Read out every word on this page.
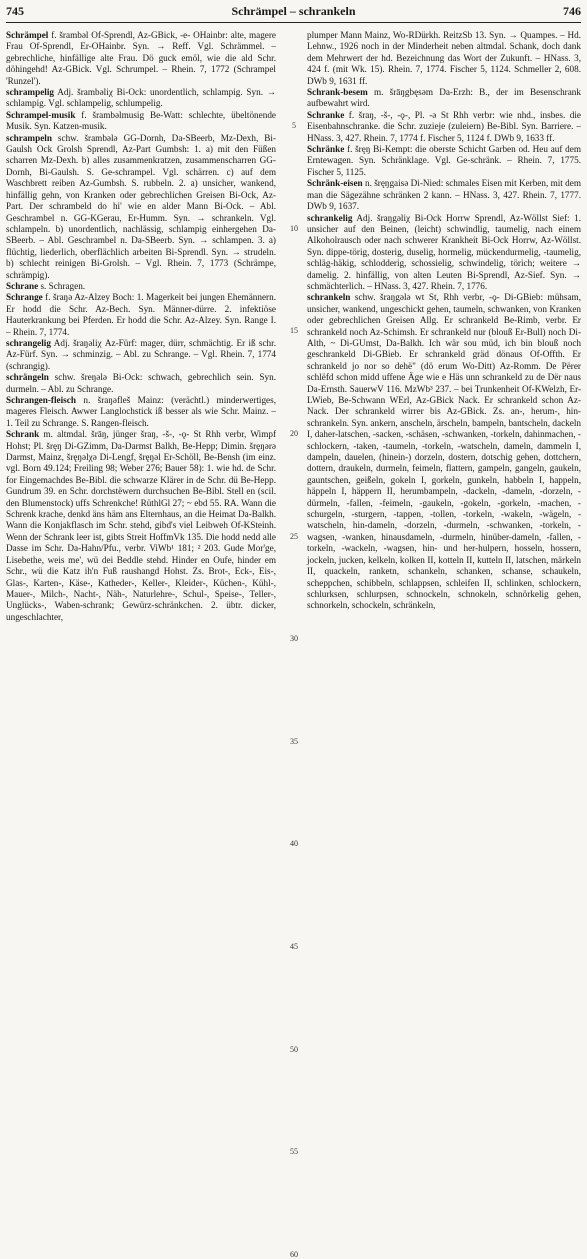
745	Schrämpel – schrankeln	746

Schrämpel f. šrambǝl Of-Sprendl, Az-GBick, -e- OHainbr: alte, magere Frau Of-Sprendl, Er-OHainbr. Syn. → Reff. Vgl. Schrämmel. – gebrechliche, hinfällige alte Frau. Dö guck emöl, wie die ald Schr. döhingehd! Az-GBick. Vgl. Schrumpel. – Rhein. 7, 1772 (Schrampel 'Runzel').

schrampelig Adj. šrambǝliχ Bi-Ock: unordentlich, schlampig. Syn. → schlampig. Vgl. schlampelig, schlumpelig.

Schrampel-musik f. šrambǝlmusig Be-Watt: schlechte, übeltönende Musik. Syn. Katzen-musik.

schrampeln schw. šrambǝlǝ GG-Dornh, Da-SBeerb, Mz-Dexh, Bi-Gaulsh Ock Grolsh Sprendl, Az-Part Gumbsh: 1. a) mit den Füßen scharren Mz-Dexh. b) alles zusammenkratzen, zusammenscharren GG-Dornh, Bi-Gaulsh. S. Ge-schrampel. Vgl. schärren. c) auf dem Waschbrett reiben Az-Gumbsh. S. rubbeln. 2. a) unsicher, wankend, hinfällig gehn, von Kranken oder gebrechlichen Greisen Bi-Ock, Az-Part. Der schrambeld do hi' wie en alder Mann Bi-Ock. – Abl. Geschrambel n. GG-KGerau, Er-Humm. Syn. → schrankeln. Vgl. schlampeln. b) unordentlich, nachlässig, schlampig einhergehen Da-SBeerb. – Abl. Geschrambel n. Da-SBeerb. Syn. → schlampen. 3. a) flüchtig, liederlich, oberflächlich arbeiten Bi-Sprendl. Syn. → strudeln. b) schlecht reinigen Bi-Grolsh. – Vgl. Rhein. 7, 1773 (Schrämpe, schrämpig).

Schrane s. Schragen.

Schrange f. šraŋǝ Az-Alzey Boch: 1. Magerkeit bei jungen Ehemännern. Er hodd die Schr. Az-Bech. Syn. Männer-dürre. 2. infektiöse Hauterkrankung bei Pferden. Er hodd die Schr. Az-Alzey. Syn. Range I. – Rhein. 7, 1774.

schrangelig Adj. šraŋǝliχ Az-Fürf: mager, dürr, schmächtig. Er iß schr. Az-Fürf. Syn. → schminzig. – Abl. zu Schrange. – Vgl. Rhein. 7, 1774 (schrangig).

schrängeln schw. šreŋǝlǝ Bi-Ock: schwach, gebrechlich sein. Syn. durmeln. – Abl. zu Schrange.

Schrangen-fleisch n. šraŋǝfleš Mainz: (verächtl.) minderwertiges, mageres Fleisch. Awwer Langlochstick iß besser als wie Schr. Mainz. – 1. Teil zu Schrange. S. Rangen-fleisch.

Schrank m. altmdal. šrāŋ, jünger šraŋ, -š-, -ǫ- St Rhh verbr, Wimpf Hohst; Pl. šręŋ Di-GZimm, Da-Darmst Balkh, Be-Hepp; Dimin. šręŋǝrǝ Darmst, Mainz, šręŋǝlχǝ Di-Lengf, šręŋǝl Er-Schöll, Be-Bensh (im einz. vgl. Born 49.124; Freiling 98; Weber 276; Bauer 58): 1. wie hd. de Schr. for Eingemachdes Be-Bibl. die schwarze Klärer in de Schr. dü Be-Hepp. Gundrum 39. en Schr. dorchstëwern durchsuchen Be-Bibl. Stell en (scil. den Blumenstock) uffs Schrenkche! RüthlGl 27; ~ ebd 55. RA. Wann die Schrenk krache, denkd äns häm ans Elternhaus, an die Heimat Da-Balkh. Wann die Konjakflasch im Schr. stehd, gibd's viel Leibweh Of-KSteinh. Wenn der Schrank leer ist, gibts Streit HoffmVk 135. Die hodd nedd alle Dasse im Schr. Da-Hahn/Pfu., verbr. ViWb¹ 181; ² 203. Gude Mor'ge, Lisebethe, weis me', wü dei Beddle stehd. Hinder en Oufe, hinder em Schr., wü die Katz ih'n Fuß raushangd Hohst. Zs. Brot-, Eck-, Eis-, Glas-, Karten-, Käse-, Katheder-, Keller-, Kleider-, Küchen-, Kühl-, Mauer-, Milch-, Nacht-, Näh-, Naturlehre-, Schul-, Speise-, Teller-, Unglücks-, Waben-schrank; Gewürz-schränkchen. 2. übtr. dicker, ungeschlachter,

5
10
15
20
25
30
35
40
45
50
55
60

plumper Mann Mainz, Wo-RDürkh. ReitzSb 13. Syn. → Quampes. – Hd. Lehnw., 1926 noch in der Minderheit neben altmdal. Schank, doch dank dem Mehrwert der hd. Bezeichnung das Wort der Zukunft. – HNass. 3, 424 f. (mit Wk. 15). Rhein. 7, 1774. Fischer 5, 1124. Schmeller 2, 608. DWb 9, 1631 ff.

Schrank-besem m. šrāŋgbęsǝm Da-Erzh: B., der im Besenschrank aufbewahrt wird.

Schranke f. šraŋ, -š-, -ǫ-, Pl. -ǝ St Rhh verbr: wie nhd., insbes. die Eisenbahnschranke. die Schr. zuzieje (zuleiern) Be-Bibl. Syn. Barriere. – HNass. 3, 427. Rhein. 7, 1774 f. Fischer 5, 1124 f. DWb 9, 1633 ff.

Schränke f. šręŋ Bi-Kempt: die oberste Schicht Garben od. Heu auf dem Erntewagen. Syn. Schränklage. Vgl. Ge-schränk. – Rhein. 7, 1775. Fischer 5, 1125.

Schränk-eisen n. šręŋgaisǝ Di-Nied: schmales Eisen mit Kerben, mit dem man die Sägezähne schränken 2 kann. – HNass. 3, 427. Rhein. 7, 1777. DWb 9, 1637.

schrankelig Adj. šraŋgǝliχ Bi-Ock Horrw Sprendl, Az-Wöllst Sief: 1. unsicher auf den Beinen, (leicht) schwindlig, taumelig, nach einem Alkoholrausch oder nach schwerer Krankheit Bi-Ock Horrw, Az-Wöllst. Syn. dippe-törig, dosterig, duselig, hormelig, mückendurmelig, -taumelig, schläg-häkig, schlodderig, schossielig, schwindelig, törich; weitere → damelig. 2. hinfällig, von alten Leuten Bi-Sprendl, Az-Sief. Syn. → schmächterlich. – HNass. 3, 427. Rhein. 7, 1776.

schrankeln schw. šraŋgǝlǝ wt St, Rhh verbr, -ǫ- Di-GBieb: mühsam, unsicher, wankend, ungeschickt gehen, taumeln, schwanken, von Kranken oder gebrechlichen Greisen Allg. Er schrankeld Be-Rimb, verbr. Er schrankeld noch Az-Schimsh. Er schrankeld nur (blouß Er-Bull) noch Di-Alth, ~ Di-GUmst, Da-Balkh. Ich wär sou müd, ich bin blouß noch geschrankeld Di-GBieb. Er schrankeld gräd dönaus Of-Offth. Er schrankeld jo nor so dehë" (dö erum Wo-Ditt) Az-Romm. De Përer schlëfd schon midd uffene Äge wie e Häs unn schrankeld zu de Dër naus Da-Ernsth. SauerwV 116. MzWb³ 237. – bei Trunkenheit Of-KWelzh, Er-LWieb, Be-Schwann WErl, Az-GBick Nack. Er schrankeld schon Az-Nack. Der schrankeld wirrer bis Az-GBick. Zs. an-, herum-, hin-schrankeln. Syn. ankern, anscheln, ärscheln, bampeln, bantscheln, dackeln I, daher-latschen, -sacken, -schäsen, -schwanken, -torkeln, dahinmachen, -schlockern, -taken, -taumeln, -torkeln, -watscheln, dameln, dammeln I, dampeln, dauelen, (hinein-) dorzeln, dostern, dotschig gehen, dottchern, dottern, draukeln, durmeln, feimeln, flattern, gampeln, gangeln, gaukeln, gauntschen, geißeln, gokeln I, gorkeln, gunkeln, habbeln I, happeln, häppeln I, häppern II, herumbampeln, -dackeln, -dameln, -dorzeln, -dürmeln, -fallen, -feimeln, -gaukeln, -gokeln, -gorkeln, -machen, -schurgeln, -sturgern, -tappen, -tollen, -torkeln, -wakeln, -wägeln, -watscheln, hin-dameln, -dorzeln, -durmeln, -schwanken, -torkeln, -wagsen, -wanken, hinausdameln, -durmeln, hinüber-dameln, -fallen, -torkeln, -wackeln, -wagsen, hin- und her-hulpern, hosseln, hossern, jockeln, jucken, kelkeln, kolken II, kotteln II, kutteln II, latschen, märkeln II, quackeln, ranketn, schankeln, schanken, schanse, schaukeln, scheppchen, schibbeln, schlappsen, schleifen II, schlinken, schlockern, schlurksen, schlurpsen, schnockeln, schnokeln, schnörkelig gehen, schnorkeln, schockeln, schränkeln,
